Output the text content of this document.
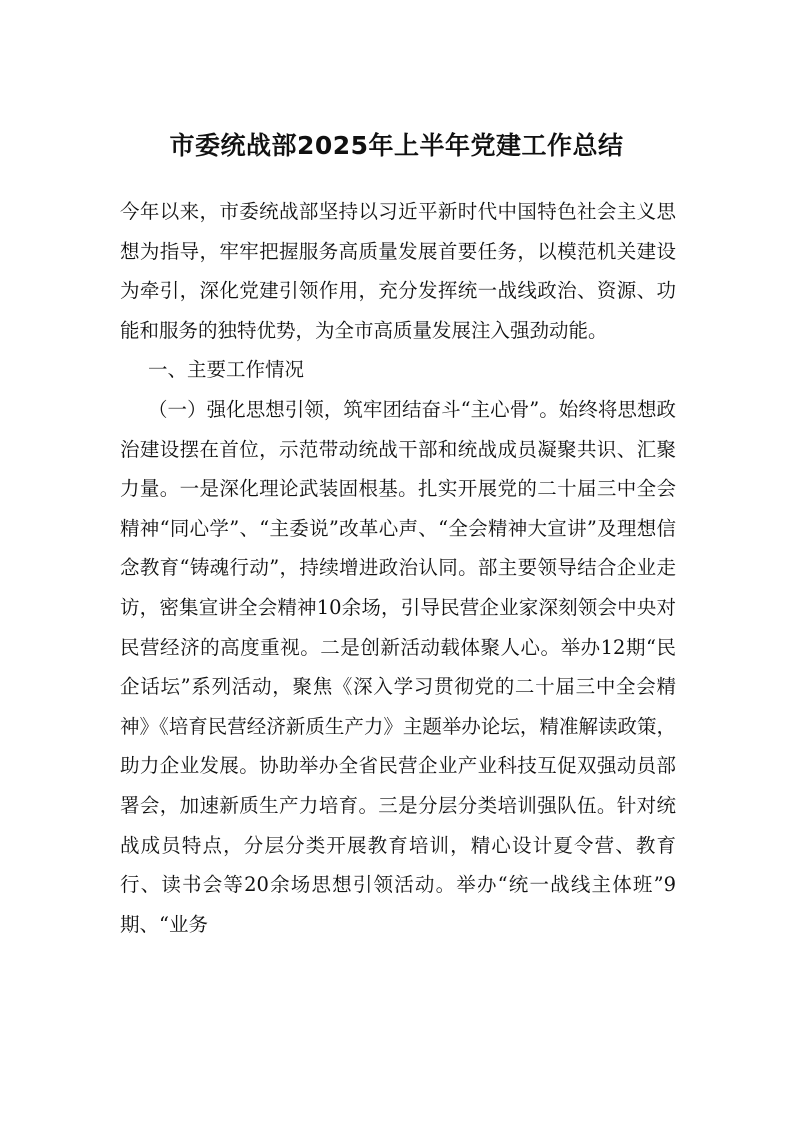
市委统战部2025年上半年党建工作总结

今年以来，市委统战部坚持以习近平新时代中国特色社会主义思想为指导，牢牢把握服务高质量发展首要任务，以模范机关建设为牵引，深化党建引领作用，充分发挥统一战线政治、资源、功能和服务的独特优势，为全市高质量发展注入强劲动能。

一、主要工作情况

（一）强化思想引领，筑牢团结奋斗“主心骨”。始终将思想政治建设摆在首位，示范带动统战干部和统战成员凝聚共识、汇聚力量。一是深化理论武装固根基。扎实开展党的二十届三中全会精神“同心学”、“主委说”改革心声、“全会精神大宣讲”及理想信念教育“铸魂行动”，持续增进政治认同。部主要领导结合企业走访，密集宣讲全会精神10余场，引导民营企业家深刻领会中央对民营经济的高度重视。二是创新活动载体聚人心。举办12期“民企话坛”系列活动，聚焦《深入学习贯彻党的二十届三中全会精神》《培育民营经济新质生产力》主题举办论坛，精准解读政策，助力企业发展。协助举办全省民营企业产业科技互促双强动员部署会，加速新质生产力培育。三是分层分类培训强队伍。针对统战成员特点，分层分类开展教育培训，精心设计夏令营、教育行、读书会等20余场思想引领活动。举办“统一战线主体班”9期、“业务
